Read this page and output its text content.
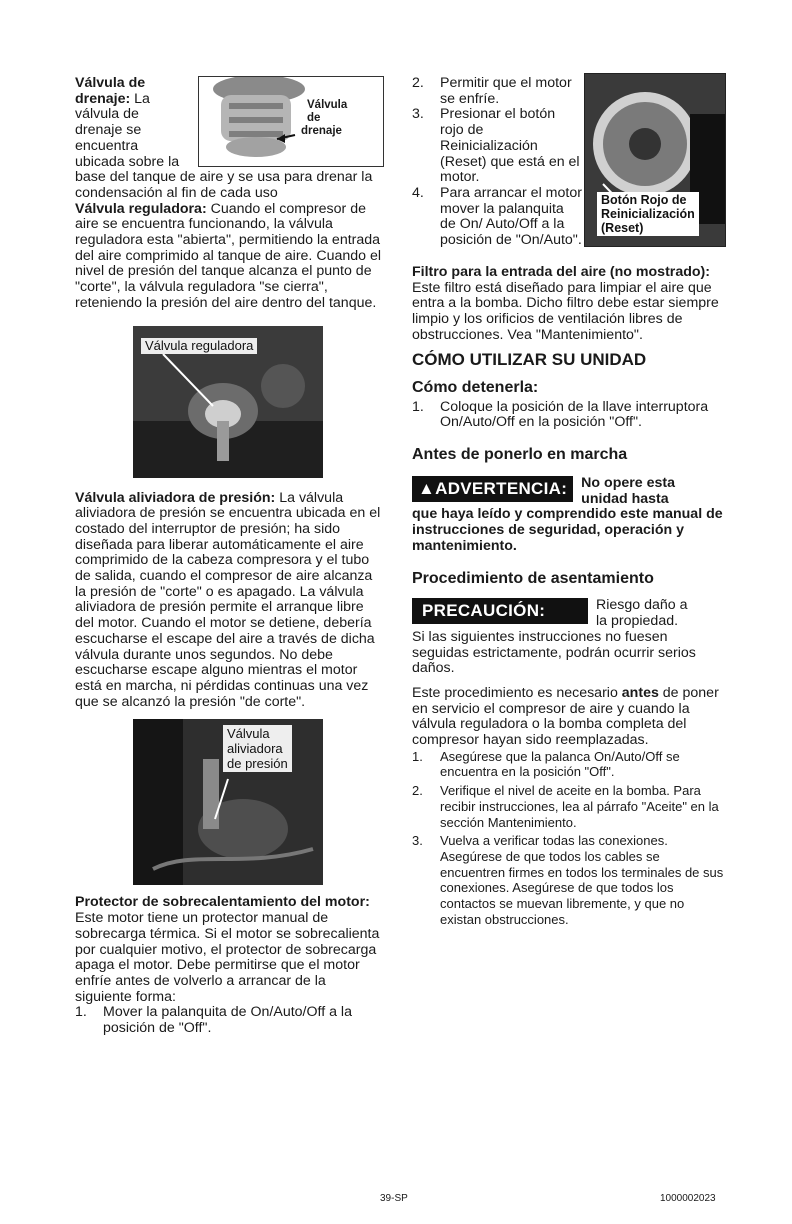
Válvula de drenaje: La

válvula de

drenaje se

encuentra

ubicada sobre la

base del tanque de aire y se usa para drenar la condensación al fin de cada uso

Válvula
de
drenaje

Válvula reguladora: Cuando el compresor de aire se encuentra funcionando, la válvula reguladora esta "abierta", permitiendo la entrada del aire comprimido al tanque de aire. Cuando el nivel de presión del tanque alcanza el punto de "corte", la válvula reguladora "se cierra", reteniendo la presión del aire dentro del tanque.

Válvula reguladora

Válvula aliviadora de presión: La válvula aliviadora de presión se encuentra ubicada en el costado del interruptor de presión; ha sido diseñada para liberar automáticamente el aire comprimido de la cabeza compresora y el tubo de salida, cuando el compresor de aire alcanza la presión de "corte" o es apagado. La válvula aliviadora de presión permite el arranque libre del motor. Cuando el motor se detiene, debería escucharse el escape del aire a través de dicha válvula durante unos segundos. No debe escucharse escape alguno mientras el motor está en marcha, ni pérdidas continuas una vez que se alcanzó la presión "de corte".

Válvula
aliviadora
de presión

Protector de sobrecalentamiento del motor: Este motor tiene un protector manual de sobrecarga térmica. Si el motor se sobrecalienta por cualquier motivo, el protector de sobrecarga apaga el motor. Debe permitirse que el motor enfríe antes de volverlo a arrancar de la siguiente forma:

1.	Mover la palanquita de On/Auto/Off a la posición de "Off".

2.	Permitir que el motor se enfríe.

3.	Presionar el botón rojo de Reinicialización (Reset) que está en el motor.

4.	Para arrancar el motor mover la palanquita de On/ Auto/Off a la posición de "On/Auto".

Botón Rojo de
Reinicialización
(Reset)

Filtro para la entrada del aire (no mostrado): Este filtro está diseñado para limpiar el aire que entra a la bomba. Dicho filtro debe estar siempre limpio y los orificios de ventilación libres de obstrucciones. Vea "Mantenimiento".

CÓMO UTILIZAR SU UNIDAD
Cómo detenerla:

1.	Coloque la posición de la llave interruptora On/Auto/Off en la posición "Off".

Antes de ponerlo en marcha
▲ADVERTENCIA: No opere esta
unidad hasta

que haya leído y comprendido este manual de instrucciones de seguridad, operación y mantenimiento.

Procedimiento de asentamiento
PRECAUCIÓN:	Riesgo daño a
la propiedad.

Si las siguientes instrucciones no fuesen seguidas estrictamente, podrán ocurrir serios daños.

Este procedimiento es necesario antes de poner en servicio el compresor de aire y cuando la válvula reguladora o la bomba completa del compresor hayan sido reemplazadas.

1.	Asegúrese que la palanca On/Auto/Off se encuentra en la posición "Off".

2.	Verifique el nivel de aceite en la bomba. Para recibir instrucciones, lea al párrafo "Aceite" en la sección Mantenimiento.

3.	Vuelva a verificar todas las conexiones. Asegúrese de que todos los cables se encuentren firmes en todos los terminales de sus conexiones. Asegúrese de que todos los contactos se muevan libremente, y que no existan obstrucciones.

39-SP	1000002023
